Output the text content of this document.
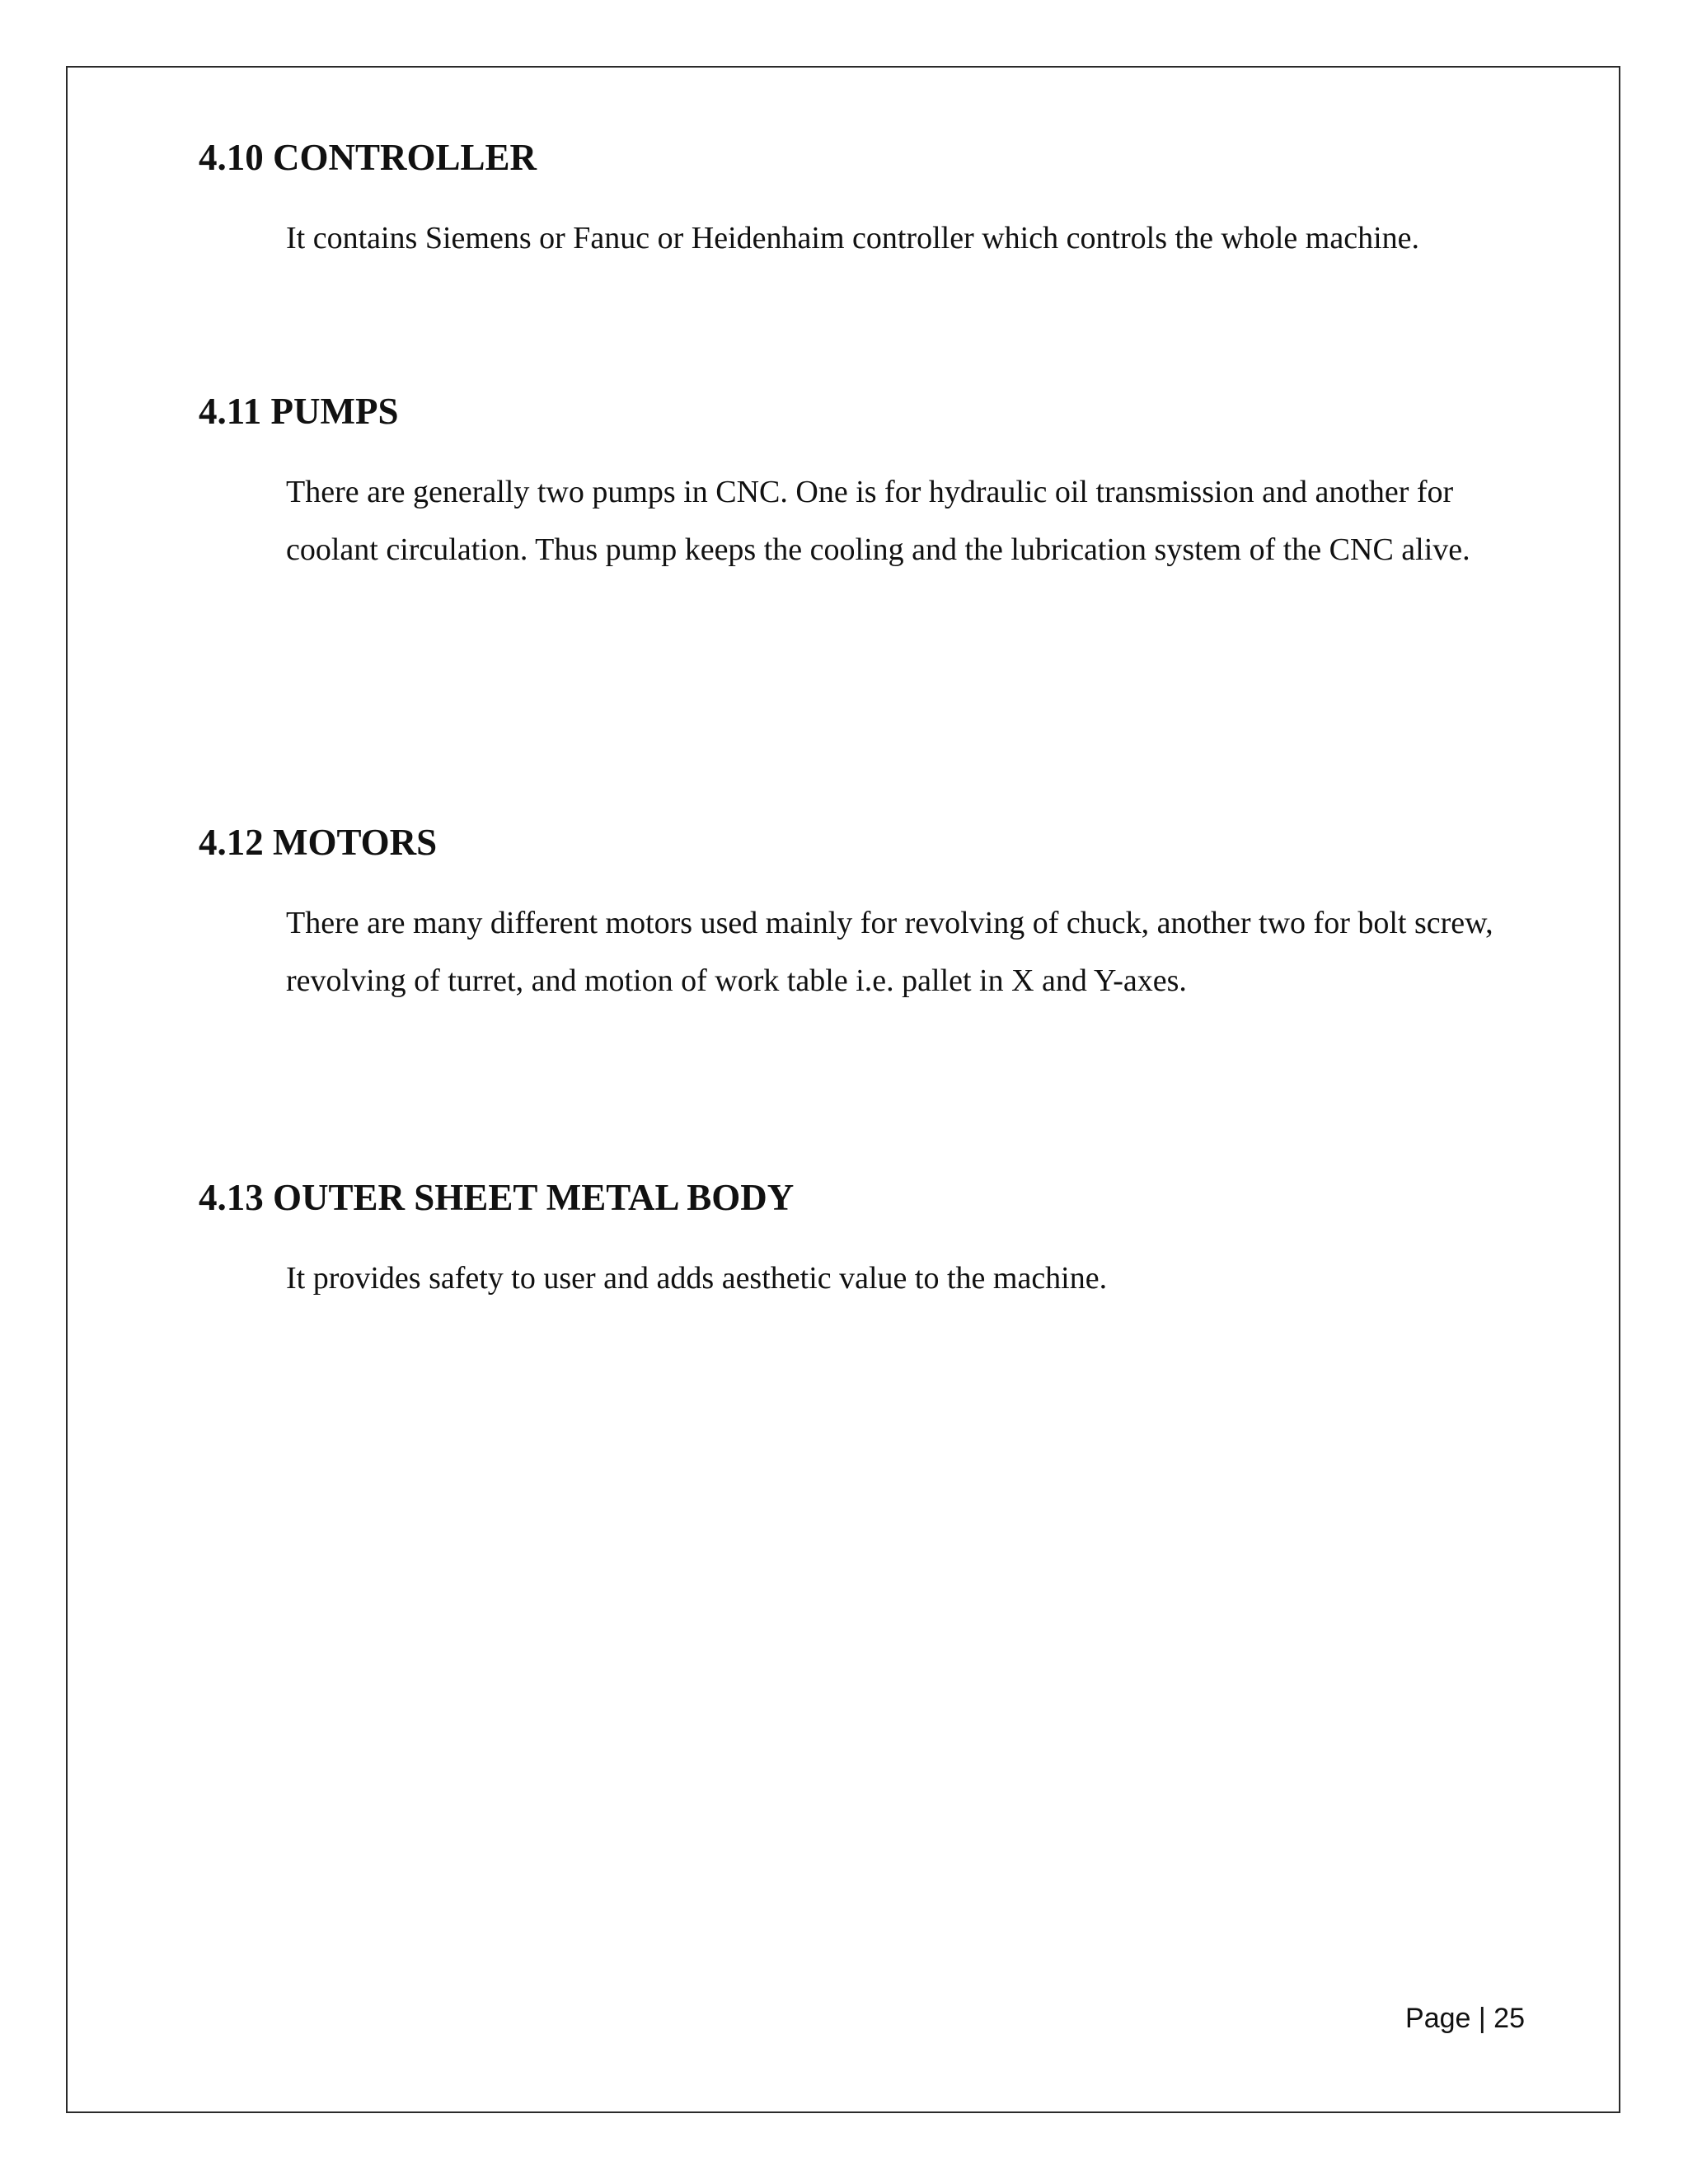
4.10 CONTROLLER

It contains Siemens or Fanuc or Heidenhaim controller which controls the whole machine.

4.11 PUMPS

There are generally two pumps in CNC. One is for hydraulic oil transmission and another for coolant circulation. Thus pump keeps the cooling and the lubrication system of the CNC alive.

4.12 MOTORS

There are many different motors used mainly for revolving of chuck, another two for bolt screw, revolving of turret, and motion of work table i.e. pallet in X and Y-axes.

4.13 OUTER SHEET METAL BODY

It provides safety to user and adds aesthetic value to the machine.

Page | 25
